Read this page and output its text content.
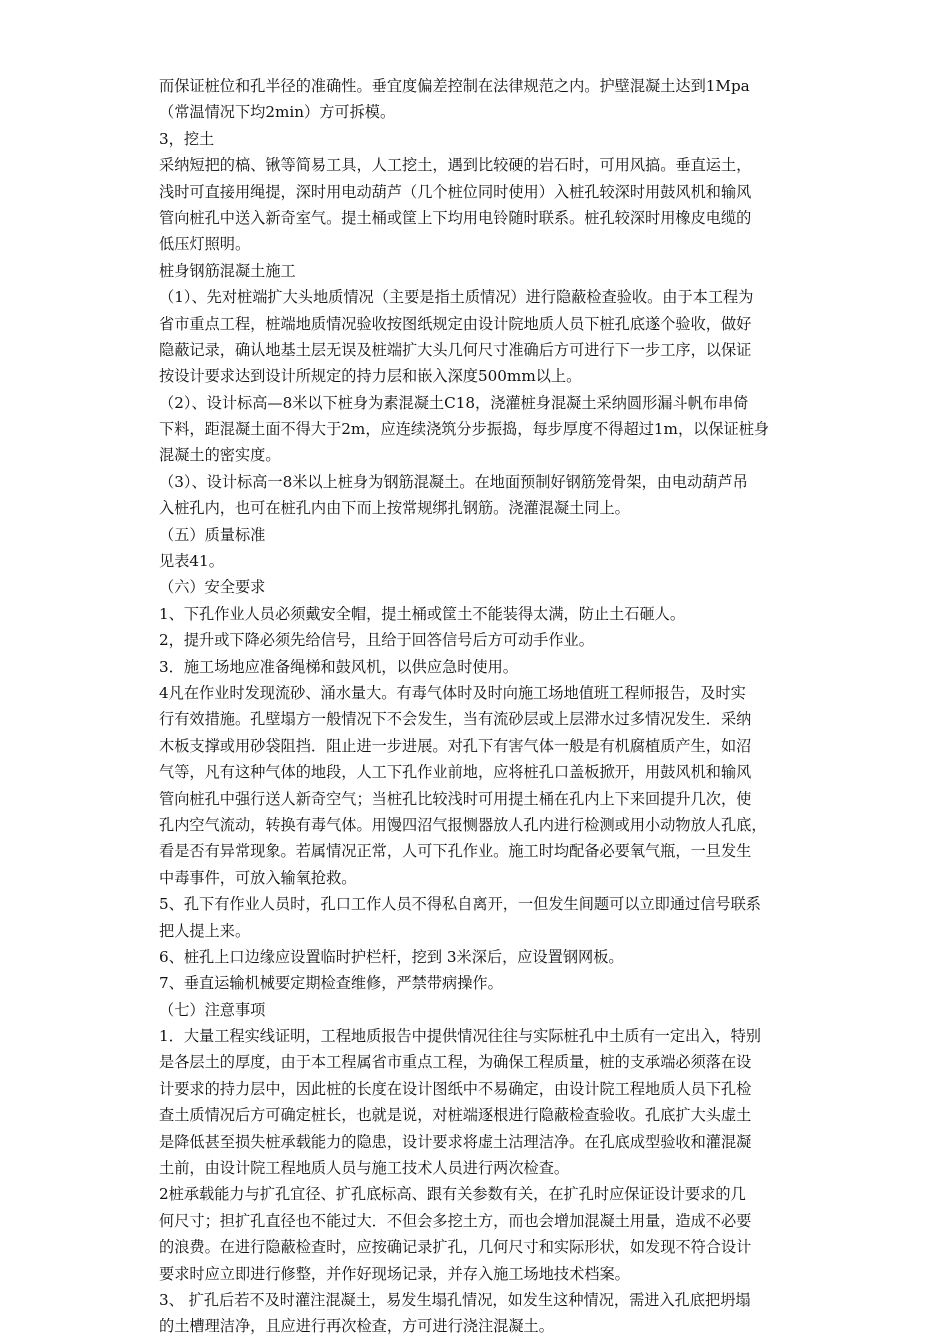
而保证桩位和孔半径的准确性。垂宜度偏差控制在法律规范之内。护壁混凝土达到1Mpa
（常温情况下均2min）方可拆模。
3，挖土
采纳短把的槁、锹等简易工具，人工挖土，遇到比较硬的岩石时，可用风搞。垂直运土，
浅时可直接用绳提，深时用电动葫芦（几个桩位同时使用）入桩孔较深时用鼓风机和输风
管向桩孔中送入新奇室气。提土桶或筐上下均用电铃随时联系。桩孔较深时用橡皮电缆的
低压灯照明。
桩身钢筋混凝土施工
（1）、先对桩端扩大头地质情况（主要是指土质情况）进行隐蔽检查验收。由于本工程为
省市重点工程，桩端地质情况验收按图纸规定由设计院地质人员下桩孔底遂个验收，做好
隐蔽记录，确认地基土层无误及桩端扩大头几何尺寸准确后方可进行下一步工序，以保证
按设计要求达到设计所规定的持力层和嵌入深度500mm以上。
（2）、设计标高—8米以下桩身为素混凝土C18，浇灌桩身混凝土采纳圆形漏斗帆布串倚
下料，距混凝土面不得大于2m，应连续浇筑分步振捣，每步厚度不得超过1m，以保证桩身
混凝土的密实度。
（3）、设计标高一8米以上桩身为钢筋混凝土。在地面预制好钢筋笼骨架，由电动葫芦吊
入桩孔内，也可在桩孔内由下而上按常规绑扎钢筋。浇灌混凝土同上。
（五）质量标准
见表41。
（六）安全要求
1、下孔作业人员必须戴安全帽，提土桶或筐土不能装得太满，防止土石砸人。
2，提升或下降必须先给信号，且给于回答信号后方可动手作业。
3．施工场地应准备绳梯和鼓风机，以供应急时使用。
4凡在作业时发现流砂、涌水量大。有毒气体时及时向施工场地值班工程师报告，及时实
行有效措施。孔壁塌方一般情况下不会发生，当有流砂层或上层滞水过多情况发生．采纳
木板支撑或用砂袋阻挡．阻止进一步进展。对孔下有害气体一般是有机腐植质产生，如沼
气等，凡有这种气体的地段，人工下孔作业前地，应将桩孔口盖板掀开，用鼓风机和输风
管向桩孔中强行送人新奇空气；当桩孔比较浅时可用提土桶在孔内上下来回提升几次，使
孔内空气流动，转换有毒气体。用馒四沼气报恻器放人孔内进行检测或用小动物放人孔底，
看是否有异常现象。若属情况正常，人可下孔作业。施工时均配备必要氧气瓶，一旦发生
中毒事件，可放入输氧抢救。
5、孔下有作业人员时，孔口工作人员不得私自离开，一但发生间题可以立即通过信号联系
把人提上来。
6、桩孔上口边缘应设置临时护栏杆，挖到 3米深后，应设置钢网板。
7、垂直运输机械要定期检查维修，严禁带病操作。
（七）注意事项
1．大量工程实线证明，工程地质报告中提供情况往往与实际桩孔中土质有一定出入，特别
是各层土的厚度，由于本工程属省市重点工程，为确保工程质量，桩的支承端必须落在设
计要求的持力层中，因此桩的长度在设计图纸中不易确定，由设计院工程地质人员下孔检
查土质情况后方可确定桩长，也就是说，对桩端逐根进行隐蔽检查验收。孔底扩大头虚土
是降低甚至损失桩承载能力的隐患，设计要求将虚土沽理洁净。在孔底成型验收和灌混凝
土前，由设计院工程地质人员与施工技术人员进行两次检查。
2桩承载能力与扩孔宜径、扩孔底标高、跟有关参数有关，在扩孔时应保证设计要求的几
何尺寸；担扩孔直径也不能过大．不但会多挖土方，而也会增加混凝土用量，造成不必要
的浪费。在进行隐蔽检查时，应按确记录扩孔，几何尺寸和实际形状，如发现不符合设计
要求时应立即进行修整，并作好现场记录，并存入施工场地技术档案。
3、 扩孔后若不及时灌注混凝土，易发生塌孔情况，如发生这种情况，需进入孔底把坍塌
的土槽理洁净，且应进行再次检查，方可进行浇注混凝土。
